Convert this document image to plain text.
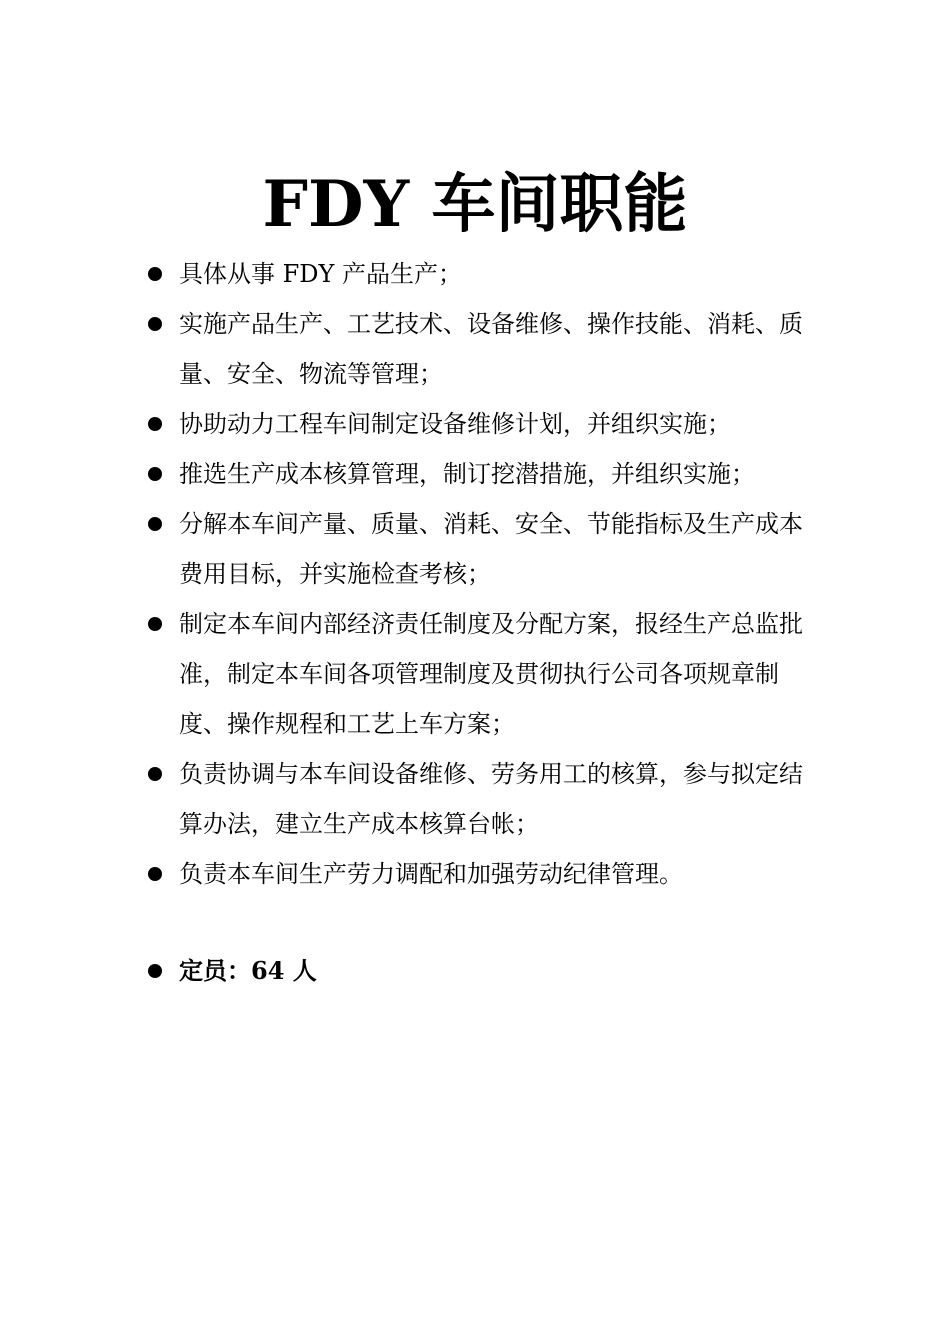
FDY 车间职能
具体从事 FDY 产品生产；
实施产品生产、工艺技术、设备维修、操作技能、消耗、质量、安全、物流等管理；
协助动力工程车间制定设备维修计划，并组织实施；
推选生产成本核算管理，制订挖潜措施，并组织实施；
分解本车间产量、质量、消耗、安全、节能指标及生产成本费用目标，并实施检查考核；
制定本车间内部经济责任制度及分配方案，报经生产总监批准，制定本车间各项管理制度及贯彻执行公司各项规章制度、操作规程和工艺上车方案；
负责协调与本车间设备维修、劳务用工的核算，参与拟定结算办法，建立生产成本核算台帐；
负责本车间生产劳力调配和加强劳动纪律管理。
定员：64 人
